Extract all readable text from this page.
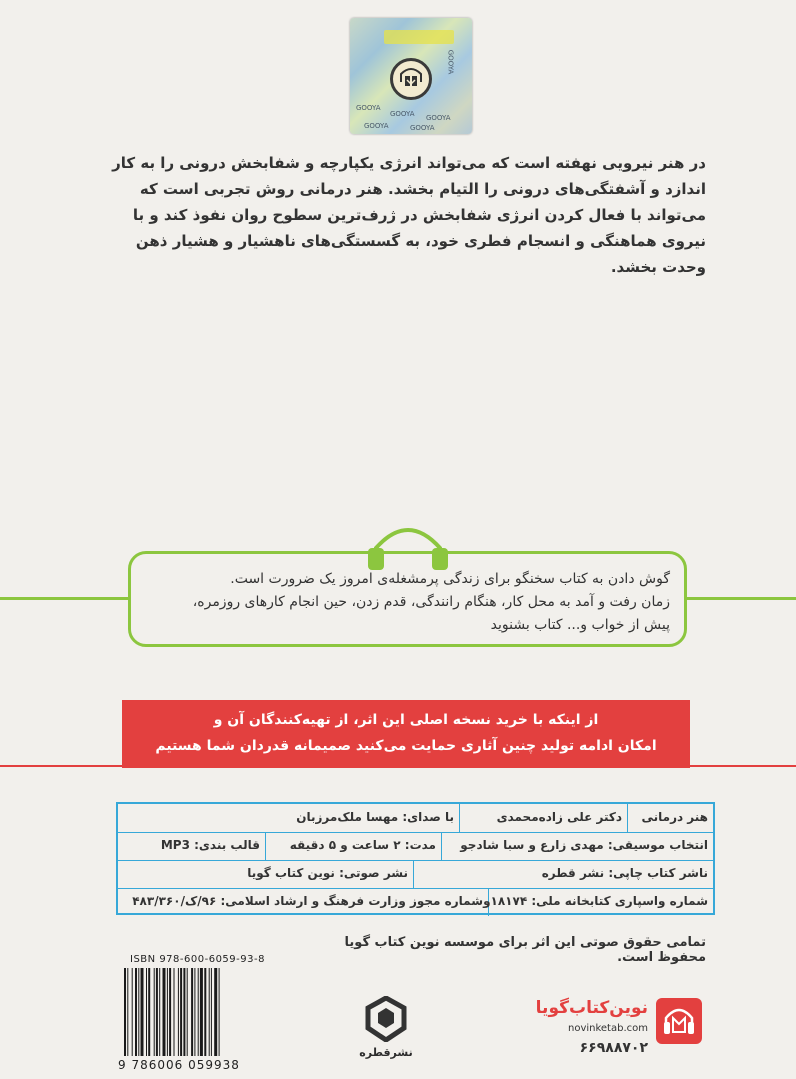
GOOYA
GOOYA
GOOYA GOOYA
GOOYA	GOOYA
در هنر نیرویی نهفته است که می‌تواند انرژی یکپارچه و شفابخش درونی را به کار اندازد و آشفتگی‌های درونی را التیام بخشد. هنر درمانی روش تجربی است که می‌تواند با فعال کردن انرژی شفابخش در ژرف‌ترین سطوح روان نفوذ کند و با نیروی هماهنگی و انسجام فطری خود، به گسستگی‌های ناهشیار و هشیار ذهن وحدت بخشد.
گوش دادن به کتاب سخنگو برای زندگی پرمشغله‌ی امروز یک ضرورت است.
زمان رفت و آمد به محل کار، هنگام رانندگی، قدم زدن، حین انجام کارهای روزمره،
پیش از خواب و... کتاب بشنوید
از اینکه با خرید نسخه اصلی این اثر، از تهیه‌کنندگان آن و
امکان ادامه تولید چنین آثاری حمایت می‌کنید صمیمانه قدردان شما هستیم
هنر درمانی
دکتر علی زاده‌محمدی
با صدای: مهسا ملک‌مرزبان
انتخاب موسیقی: مهدی زارع و سبا شادجو
مدت: ۲ ساعت و ۵ دقیقه
قالب بندی: MP3
ناشر کتاب چاپی: نشر قطره
نشر صوتی: نوین کتاب گویا
شماره واسپاری کتابخانه ملی: ۱۸۱۷۴و
شماره مجوز وزارت فرهنگ و ارشاد اسلامی: ۹۶/ک/۴۸۳/۳۶۰
تمامی حقوق صوتی این اثر برای موسسه نوین کتاب گویا محفوظ است.
ISBN 978-600-6059-93-8
9 786006 059938
نشرقطره
نوین‌کتاب‌گویا
novinketab.com
۶۶۹۸۸۷۰۲
